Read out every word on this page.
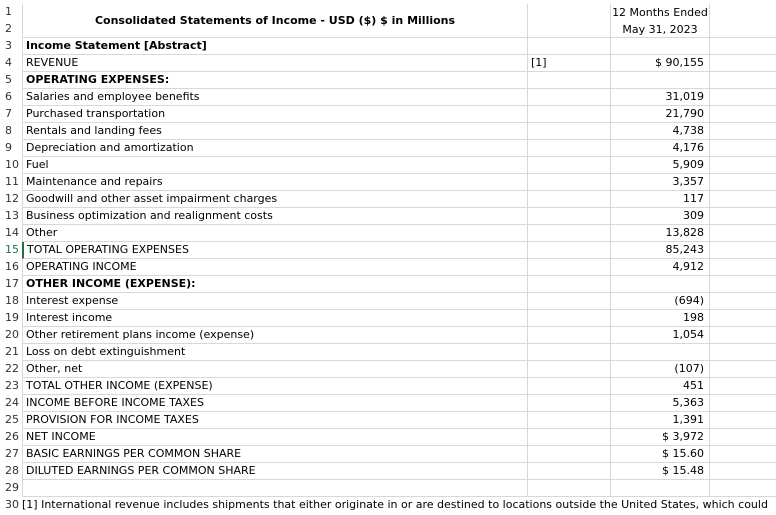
1
2
Consolidated Statements of Income - USD ($) $ in Millions
12 Months Ended
May 31, 2023
3	Income Statement [Abstract]
4	REVENUE	[1]	$ 90,155
5	OPERATING EXPENSES:
6	Salaries and employee benefits	31,019
7	Purchased transportation	21,790
8	Rentals and landing fees	4,738
9	Depreciation and amortization	4,176
10 Fuel	5,909
11 Maintenance and repairs	3,357
12 Goodwill and other asset impairment charges	117
13 Business optimization and realignment costs	309
14 Other	13,828
15 TOTAL OPERATING EXPENSES	85,243
16 OPERATING INCOME	4,912
17 OTHER INCOME (EXPENSE):
18 Interest expense	(694)
19 Interest income	198
20 Other retirement plans income (expense)	1,054
21 Loss on debt extinguishment
22 Other, net	(107)
23 TOTAL OTHER INCOME (EXPENSE)	451
24 INCOME BEFORE INCOME TAXES	5,363
25 PROVISION FOR INCOME TAXES	1,391
26 NET INCOME	$ 3,972
27 BASIC EARNINGS PER COMMON SHARE	$ 15.60
28 DILUTED EARNINGS PER COMMON SHARE	$ 15.48
29
30 [1] International revenue includes shipments that either originate in or are destined to locations outside the United States, which could
